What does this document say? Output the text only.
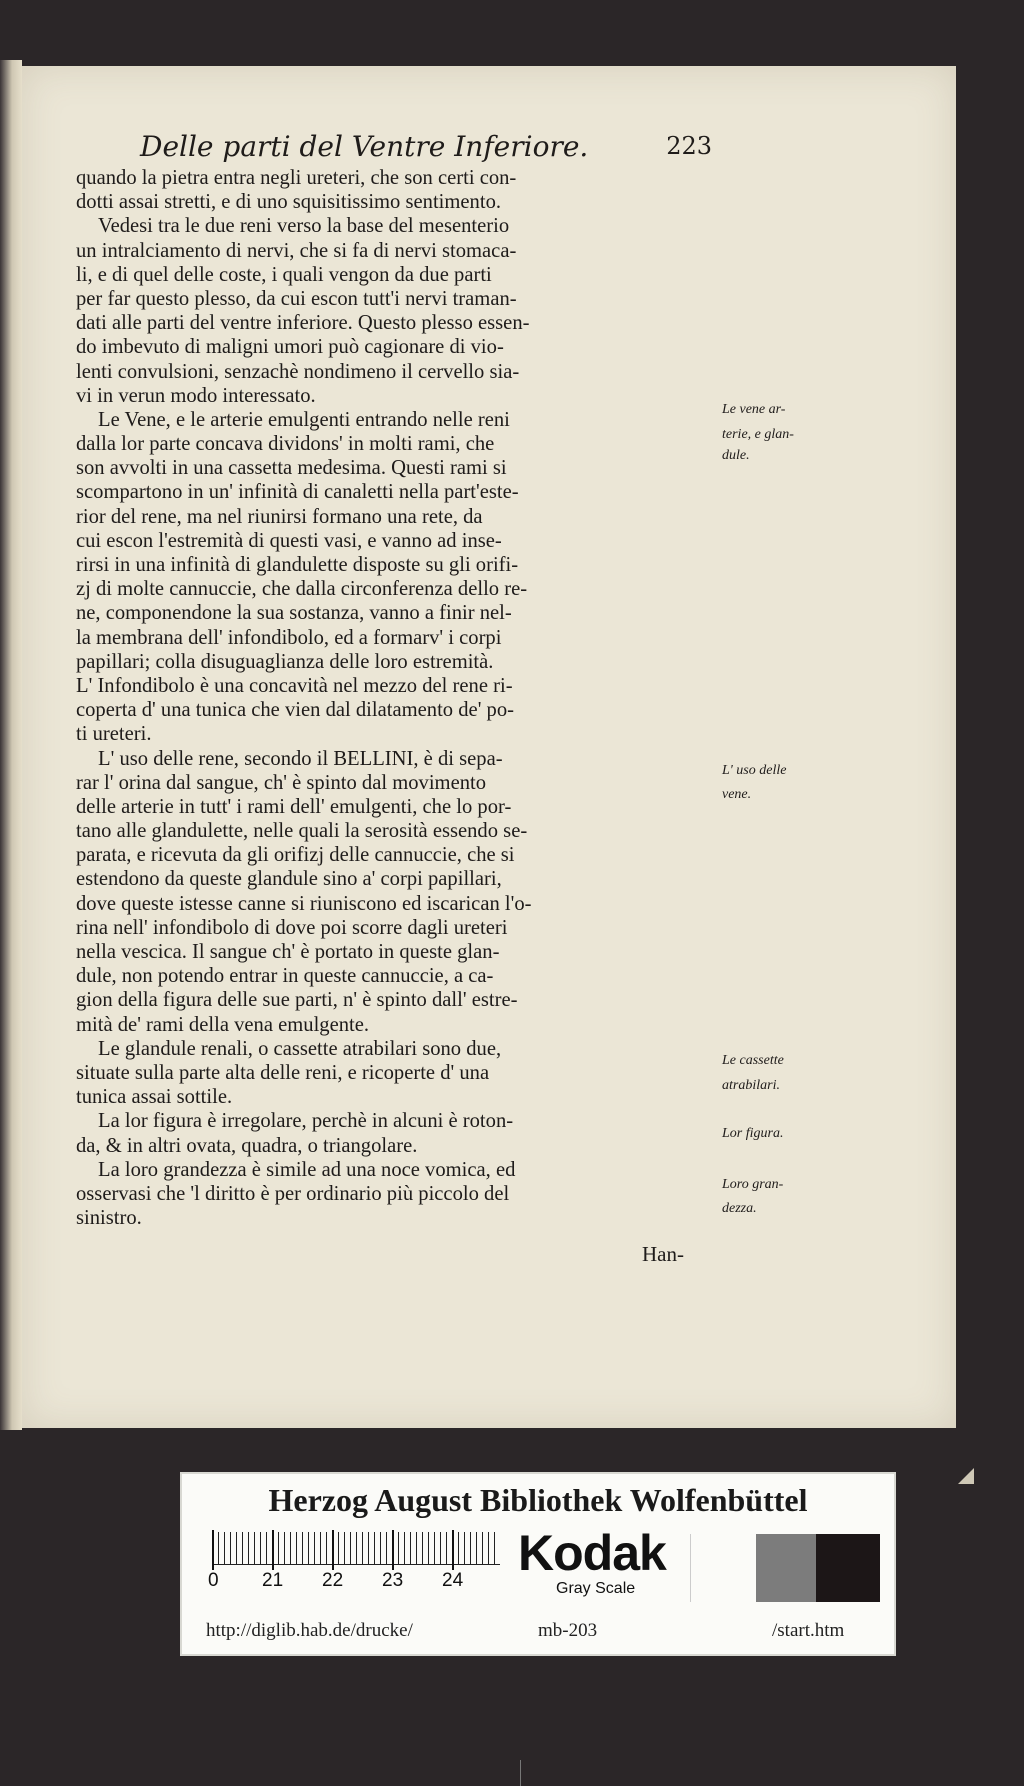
Delle parti del Ventre Inferiore.	223
quando la pietra entra negli ureteri, che son certi con-
dotti assai stretti, e di uno squisitissimo sentimento.
Vedesi tra le due reni verso la base del mesenterio
un intralciamento di nervi, che si fa di nervi stomaca-
li, e di quel delle coste, i quali vengon da due parti
per far questo plesso, da cui escon tutt'i nervi traman-
dati alle parti del ventre inferiore. Questo plesso essen-
do imbevuto di maligni umori può cagionare di vio-
lenti convulsioni, senzachè nondimeno il cervello sia-
vi in verun modo interessato.
Le Vene, e le arterie emulgenti entrando nelle reni
dalla lor parte concava dividons' in molti rami, che
son avvolti in una cassetta medesima. Questi rami si
scompartono in un' infinità di canaletti nella part'este-
rior del rene, ma nel riunirsi formano una rete, da
cui escon l'estremità di questi vasi, e vanno ad inse-
rirsi in una infinità di glandulette disposte su gli orifi-
zj di molte cannuccie, che dalla circonferenza dello re-
ne, componendone la sua sostanza, vanno a finir nel-
la membrana dell' infondibolo, ed a formarv' i corpi
papillari; colla disuguaglianza delle loro estremità.
L' Infondibolo è una concavità nel mezzo del rene ri-
coperta d' una tunica che vien dal dilatamento de' po-
ti ureteri.
L' uso delle rene, secondo il BELLINI, è di sepa-
rar l' orina dal sangue, ch' è spinto dal movimento
delle arterie in tutt' i rami dell' emulgenti, che lo por-
tano alle glandulette, nelle quali la serosità essendo se-
parata, e ricevuta da gli orifizj delle cannuccie, che si
estendono da queste glandule sino a' corpi papillari,
dove queste istesse canne si riuniscono ed iscarican l'o-
rina nell' infondibolo di dove poi scorre dagli ureteri
nella vescica. Il sangue ch' è portato in queste glan-
dule, non potendo entrar in queste cannuccie, a ca-
gion della figura delle sue parti, n' è spinto dall' estre-
mità de' rami della vena emulgente.
Le glandule renali, o cassette atrabilari sono due,
situate sulla parte alta delle reni, e ricoperte d' una
tunica assai sottile.
La lor figura è irregolare, perchè in alcuni è roton-
da, & in altri ovata, quadra, o triangolare.
La loro grandezza è simile ad una noce vomica, ed
osservasi che 'l diritto è per ordinario più piccolo del
sinistro.
Le vene ar-
terie, e glan-
dule.
L' uso delle
vene.
Le cassette
atrabilari.
Lor figura.
Loro gran-
dezza.
Han-
Herzog August Bibliothek Wolfenbüttel
0 21 22 23 24 Kodak
Gray Scale
http://diglib.hab.de/drucke/	mb-203	/start.htm
